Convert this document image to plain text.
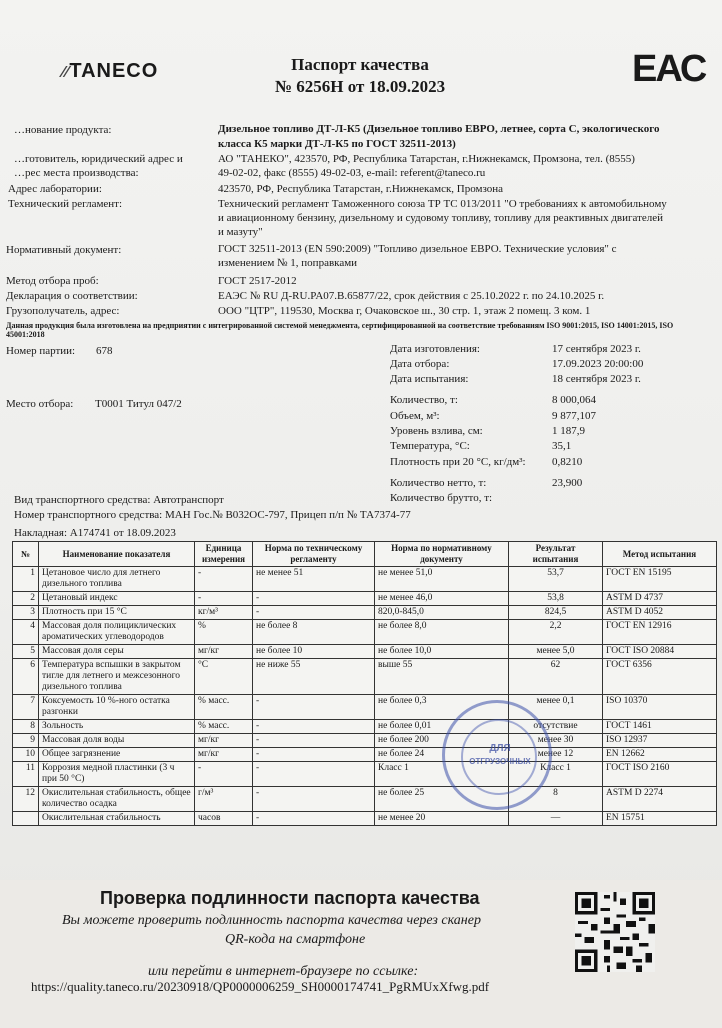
⁄⁄TANECO	Паспорт качества
№ 6256Н от 18.09.2023	ЕАС
…нование продукта:	Дизельное топливо ДТ-Л-К5 (Дизельное топливо ЕВРО, летнее, сорта С, экологического
класса К5 марки ДТ-Л-К5 по ГОСТ 32511-2013)
…готовитель, юридический адрес и
…рес места производства:
АО "ТАНЕКО", 423570, РФ, Республика Татарстан, г.Нижнекамск, Промзона, тел. (8555)
49-02-02, факс (8555) 49-02-03, e-mail: referent@taneco.ru
Адрес лаборатории:	423570, РФ, Республика Татарстан, г.Нижнекамск, Промзона
Технический регламент:	Технический регламент Таможенного союза ТР ТС 013/2011 "О требованиях к автомобильному
и авиационному бензину, дизельному и судовому топливу, топливу для реактивных двигателей
и мазуту"
Нормативный документ:	ГОСТ 32511-2013 (EN 590:2009) "Топливо дизельное ЕВРО. Технические условия" с
изменением № 1, поправками
Метод отбора проб:	ГОСТ 2517-2012
Декларация о соответствии:	ЕАЭС № RU Д-RU.PA07.B.65877/22, срок действия с 25.10.2022 г. по 24.10.2025 г.
Грузополучатель, адрес:	ООО "ЦТР", 119530, Москва г, Очаковское ш., 30 стр. 1, этаж 2 помещ. 3 ком. 1
Данная продукция была изготовлена на предприятии с интегрированной системой менеджмента, сертифицированной на соответствие требованиям ISO 9001:2015, ISO 14001:2015, ISO 45001:2018
Номер партии: 678
Место отбора: Т0001 Титул 047/2
Дата изготовления:	17 сентября 2023 г.
Дата отбора:	17.09.2023 20:00:00
Дата испытания:	18 сентября 2023 г.
Количество, т:	8 000,064
Объем, м³:	9 877,107
Уровень взлива, см:	1 187,9
Температура, °С:	35,1
Плотность при 20 °С, кг/дм³: 0,8210
Количество нетто, т:	23,900
Количество брутто, т:
Вид транспортного средства: Автотранспорт
Номер транспортного средства: МАН Гос.№ В032ОС-797, Прицеп п/п № ТА7374-77
Накладная: А174741 от 18.09.2023
№	Наименование показателя	Единица измерения	Норма по техническому регламенту	Норма по нормативному документу	Результат испытания	Метод испытания
1	Цетановое число для летнего дизельного топлива	-	не менее 51	не менее 51,0	53,7	ГОСТ EN 15195
2	Цетановый индекс	-	-	не менее 46,0	53,8	ASTM D 4737
3	Плотность при 15 °С	кг/м³	-	820,0-845,0	824,5	ASTM D 4052
4	Массовая доля полициклических ароматических углеводородов	%	не более 8	не более 8,0	2,2	ГОСТ EN 12916
5	Массовая доля серы	мг/кг	не более 10	не более 10,0	менее 5,0	ГОСТ ISO 20884
6	Температура вспышки в закрытом тигле для летнего и межсезонного дизельного топлива	°С	не ниже 55	выше 55	62	ГОСТ 6356
7	Коксуемость 10 %-ного остатка разгонки	% масс.	-	не более 0,3	менее 0,1	ISO 10370
8	Зольность	% масс.	-	не более 0,01	отсутствие	ГОСТ 1461
9	Массовая доля воды	мг/кг	-	не более 200	менее 30	ISO 12937
10	Общее загрязнение	мг/кг	-	не более 24	менее 12	EN 12662
11	Коррозия медной пластинки (3 ч при 50 °С)	-	-	Класс 1	Класс 1	ГОСТ ISO 2160
12	Окислительная стабильность, общее количество осадка	г/м³	-	не более 25	8	ASTM D 2274
	Окислительная стабильность	часов	-	не менее 20	—	EN 15751
ДЛЯ
ОТГРУЗОЧНЫХ
Проверка подлинности паспорта качества
Вы можете проверить подлинность паспорта качества через сканер
QR-кода на смартфоне
или перейти в интернет-браузере по ссылке:
https://quality.taneco.ru/20230918/QP0000006259_SH0000174741_PgRMUxXfwg.pdf
